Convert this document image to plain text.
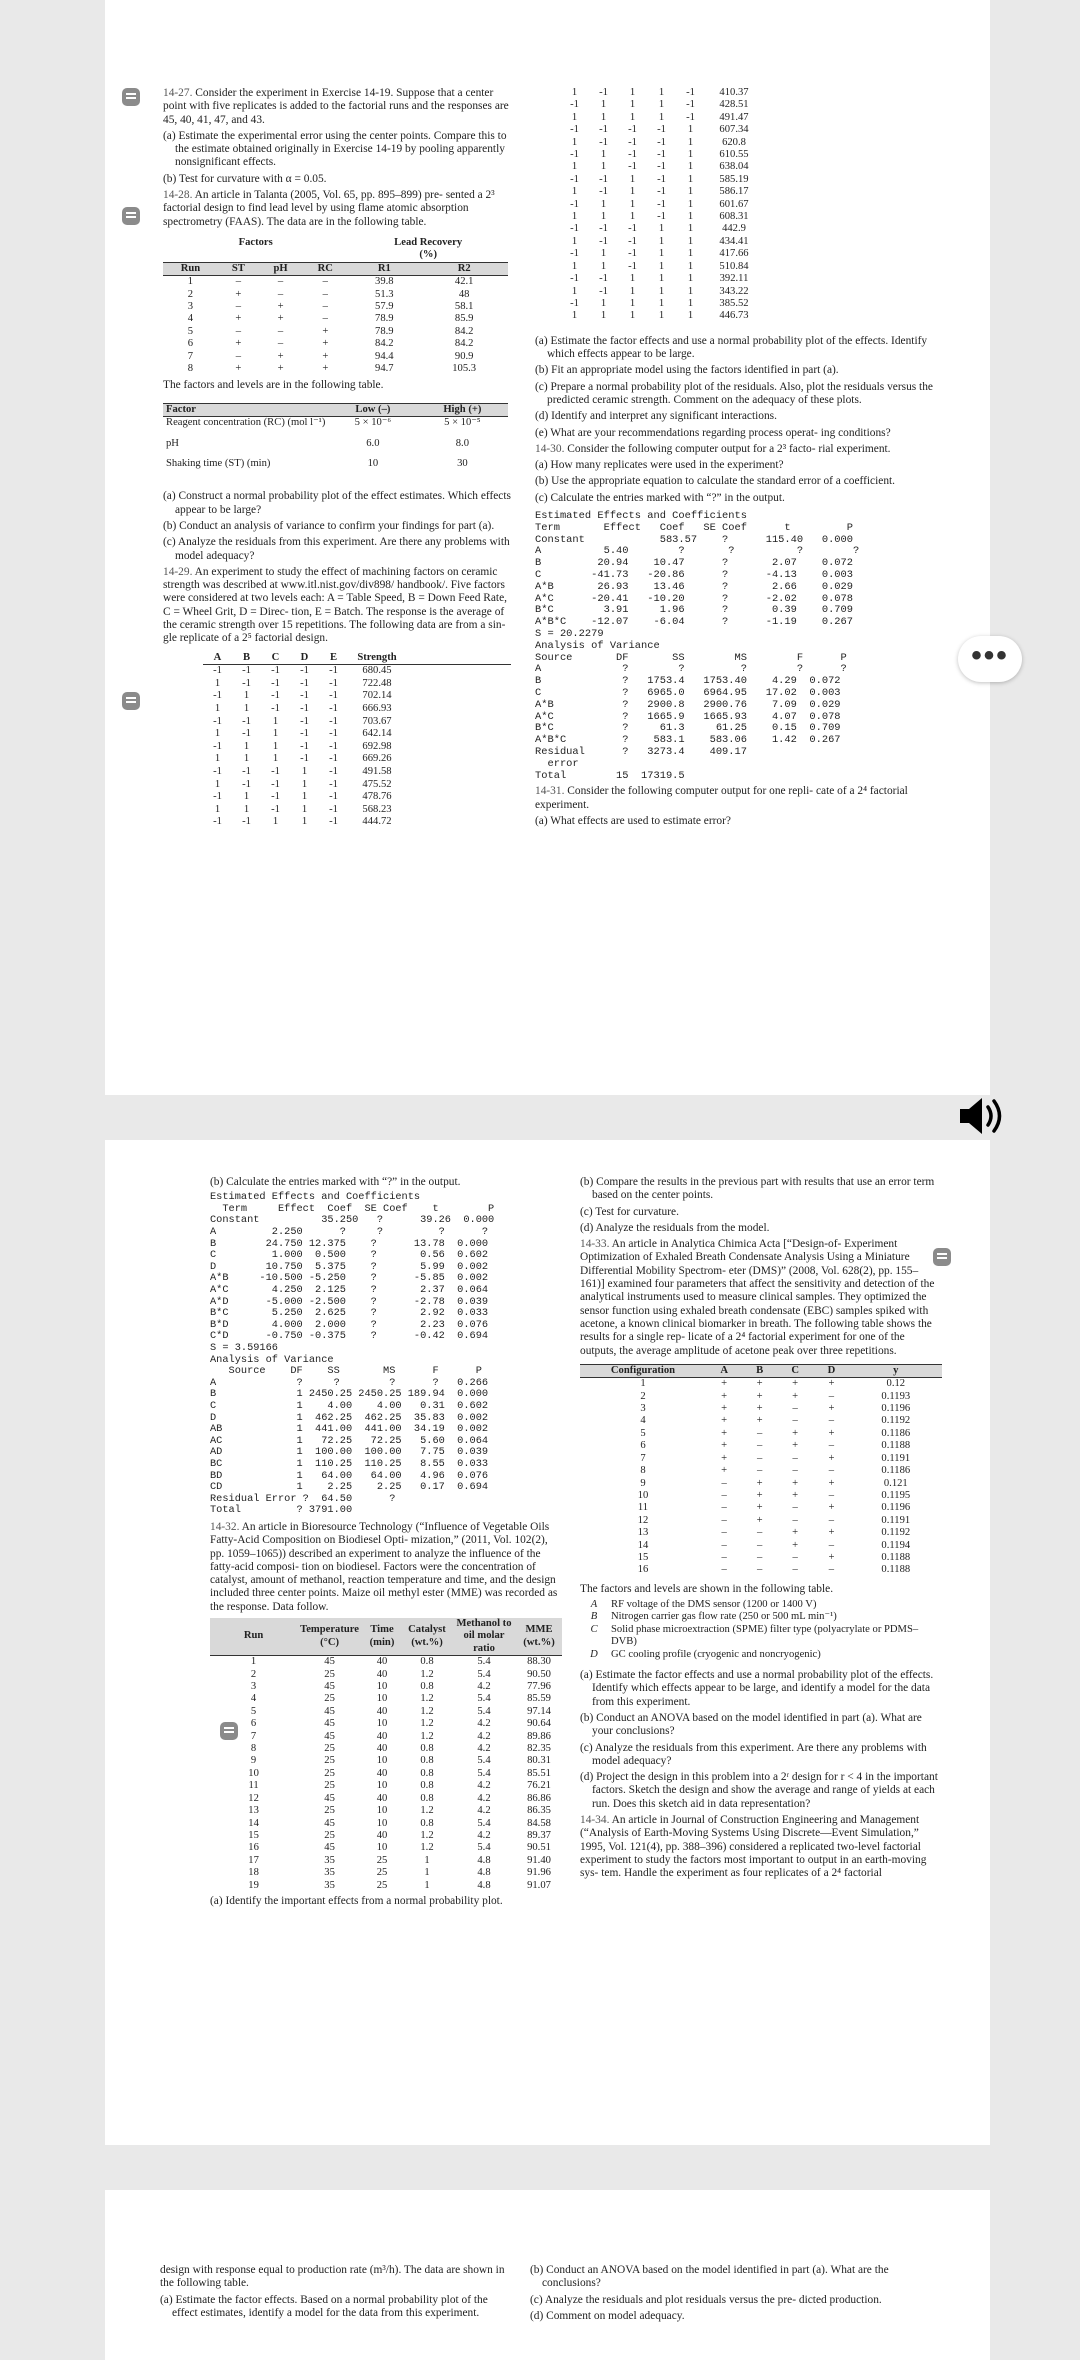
14-27. Consider the experiment in Exercise 14-19. Suppose that a center point with five replicates is added to the factorial runs and the responses are 45, 40, 41, 47, and 43.

(a) Estimate the experimental error using the center points. Compare this to the estimate obtained originally in Exercise 14-19 by pooling apparently nonsignificant effects.

(b) Test for curvature with α = 0.05.

14-28. An article in Talanta (2005, Vol. 65, pp. 895–899) pre- sented a 2³ factorial design to find lead level by using flame atomic absorption spectrometry (FAAS). The data are in the following table.

Factors				Lead Recovery	
				(%)	
Run	ST	pH	RC	R1	R2
1	–	–	–	39.8	42.1
2	+	–	–	51.3	48
3	–	+	–	57.9	58.1
4	+	+	–	78.9	85.9
5	–	–	+	78.9	84.2
6	+	–	+	84.2	84.2
7	–	+	+	94.4	90.9
8	+	+	+	94.7	105.3

The factors and levels are in the following table.

Factor	Low (–)	High (+)
Reagent concentration (RC) (mol l⁻¹)	5 × 10⁻⁶	5 × 10⁻⁵

pH	6.0	8.0

Shaking time (ST) (min)	10	30

(a) Construct a normal probability plot of the effect estimates. Which effects appear to be large?

(b) Conduct an analysis of variance to confirm your findings for part (a).

(c) Analyze the residuals from this experiment. Are there any problems with model adequacy?

14-29. An experiment to study the effect of machining factors on ceramic strength was described at www.itl.nist.gov/div898/ handbook/. Five factors were considered at two levels each: A = Table Speed, B = Down Feed Rate, C = Wheel Grit, D = Direc- tion, E = Batch. The response is the average of the ceramic strength over 15 repetitions. The following data are from a sin- gle replicate of a 2⁵ factorial design.

A	B	C	D	E	Strength
-1	-1	-1	-1	-1	680.45
1	-1	-1	-1	-1	722.48
-1	1	-1	-1	-1	702.14
1	1	-1	-1	-1	666.93
-1	-1	1	-1	-1	703.67
1	-1	1	-1	-1	642.14
-1	1	1	-1	-1	692.98
1	1	1	-1	-1	669.26
-1	-1	-1	1	-1	491.58
1	-1	-1	1	-1	475.52
-1	1	-1	1	-1	478.76
1	1	-1	1	-1	568.23
-1	-1	1	1	-1	444.72
1	-1	1	1	-1	410.37
-1	1	1	1	-1	428.51
1	1	1	1	-1	491.47
-1	-1	-1	-1	1	607.34
1	-1	-1	-1	1	620.8
-1	1	-1	-1	1	610.55
1	1	-1	-1	1	638.04
-1	-1	1	-1	1	585.19
1	-1	1	-1	1	586.17
-1	1	1	-1	1	601.67
1	1	1	-1	1	608.31
-1	-1	-1	1	1	442.9
1	-1	-1	1	1	434.41
-1	1	-1	1	1	417.66
1	1	-1	1	1	510.84
-1	-1	1	1	1	392.11
1	-1	1	1	1	343.22
-1	1	1	1	1	385.52
1	1	1	1	1	446.73

(a) Estimate the factor effects and use a normal probability plot of the effects. Identify which effects appear to be large.

(b) Fit an appropriate model using the factors identified in part (a).

(c) Prepare a normal probability plot of the residuals. Also, plot the residuals versus the predicted ceramic strength. Comment on the adequacy of these plots.

(d) Identify and interpret any significant interactions.

(e) What are your recommendations regarding process operat- ing conditions?

14-30. Consider the following computer output for a 2³ facto- rial experiment.

(a) How many replicates were used in the experiment?

(b) Use the appropriate equation to calculate the standard error of a coefficient.

(c) Calculate the entries marked with “?” in the output.

Estimated Effects and Coefficients
Term       Effect   Coef   SE Coef      t         P
Constant            583.57    ?      115.40   0.000
A          5.40        ?       ?          ?        ?
B         20.94    10.47      ?       2.07    0.072
C        -41.73   -20.86      ?      -4.13    0.003
A*B       26.93    13.46      ?       2.66    0.029
A*C      -20.41   -10.20      ?      -2.02    0.078
B*C        3.91     1.96      ?       0.39    0.709
A*B*C    -12.07    -6.04      ?      -1.19    0.267
S = 20.2279
Analysis of Variance
Source       DF       SS        MS        F      P
A             ?        ?         ?        ?      ?
B             ?   1753.4   1753.40    4.29  0.072
C             ?   6965.0   6964.95   17.02  0.003
A*B           ?   2900.8   2900.76    7.09  0.029
A*C           ?   1665.9   1665.93    4.07  0.078
B*C           ?     61.3     61.25    0.15  0.709
A*B*C         ?    583.1    583.06    1.42  0.267
Residual      ?   3273.4    409.17
error
Total        15  17319.5

14-31. Consider the following computer output for one repli- cate of a 2⁴ factorial experiment.

(a) What effects are used to estimate error?

•••

(b) Calculate the entries marked with “?” in the output.

Estimated Effects and Coefficients
Term     Effect  Coef  SE Coef    t        P
Constant          35.250   ?      39.26  0.000
A         2.250      ?     ?         ?      ?
B        24.750 12.375    ?      13.78  0.000
C         1.000  0.500    ?       0.56  0.602
D        10.750  5.375    ?       5.99  0.002
A*B     -10.500 -5.250    ?      -5.85  0.002
A*C       4.250  2.125    ?       2.37  0.064
A*D      -5.000 -2.500    ?      -2.78  0.039
B*C       5.250  2.625    ?       2.92  0.033
B*D       4.000  2.000    ?       2.23  0.076
C*D      -0.750 -0.375    ?      -0.42  0.694
S = 3.59166
Analysis of Variance
Source    DF    SS       MS      F      P
A             ?     ?        ?      ?   0.266
B             1 2450.25 2450.25 189.94  0.000
C             1    4.00    4.00   0.31  0.602
D             1  462.25  462.25  35.83  0.002
AB            1  441.00  441.00  34.19  0.002
AC            1   72.25   72.25   5.60  0.064
AD            1  100.00  100.00   7.75  0.039
BC            1  110.25  110.25   8.55  0.033
BD            1   64.00   64.00   4.96  0.076
CD            1    2.25    2.25   0.17  0.694
Residual Error ?  64.50      ?
Total         ? 3791.00

14-32. An article in Bioresource Technology (“Influence of Vegetable Oils Fatty-Acid Composition on Biodiesel Opti- mization,” (2011, Vol. 102(2), pp. 1059–1065)) described an experiment to analyze the influence of the fatty-acid composi- tion on biodiesel. Factors were the concentration of catalyst, amount of methanol, reaction temperature and time, and the design included three center points. Maize oil methyl ester (MME) was recorded as the response. Data follow.

Run	Temperature (°C)	Time (min)	Catalyst (wt.%)	Methanol to oil molar ratio	MME (wt.%)
1	45	40	0.8	5.4	88.30
2	25	40	1.2	5.4	90.50
3	45	10	0.8	4.2	77.96
4	25	10	1.2	5.4	85.59
5	45	40	1.2	5.4	97.14
6	45	10	1.2	4.2	90.64
7	45	40	1.2	4.2	89.86
8	25	40	0.8	4.2	82.35
9	25	10	0.8	5.4	80.31
10	25	40	0.8	5.4	85.51
11	25	10	0.8	4.2	76.21
12	45	40	0.8	4.2	86.86
13	25	10	1.2	4.2	86.35
14	45	10	0.8	5.4	84.58
15	25	40	1.2	4.2	89.37
16	45	10	1.2	5.4	90.51
17	35	25	1	4.8	91.40
18	35	25	1	4.8	91.96
19	35	25	1	4.8	91.07

(a) Identify the important effects from a normal probability plot.

(b) Compare the results in the previous part with results that use an error term based on the center points.

(c) Test for curvature.

(d) Analyze the residuals from the model.

14-33. An article in Analytica Chimica Acta [“Design-of- Experiment Optimization of Exhaled Breath Condensate Analysis Using a Miniature Differential Mobility Spectrom- eter (DMS)” (2008, Vol. 628(2), pp. 155–161)] examined four parameters that affect the sensitivity and detection of the analytical instruments used to measure clinical samples. They optimized the sensor function using exhaled breath condensate (EBC) samples spiked with acetone, a known clinical biomarker in breath. The following table shows the results for a single rep- licate of a 2⁴ factorial experiment for one of the outputs, the average amplitude of acetone peak over three repetitions.

Configuration	A	B	C	D	y
1	+	+	+	+	0.12
2	+	+	+	–	0.1193
3	+	+	–	+	0.1196
4	+	+	–	–	0.1192
5	+	–	+	+	0.1186
6	+	–	+	–	0.1188
7	+	–	–	+	0.1191
8	+	–	–	–	0.1186
9	–	+	+	+	0.121
10	–	+	+	–	0.1195
11	–	+	–	+	0.1196
12	–	+	–	–	0.1191
13	–	–	+	+	0.1192
14	–	–	+	–	0.1194
15	–	–	–	+	0.1188
16	–	–	–	–	0.1188

The factors and levels are shown in the following table.

A	RF voltage of the DMS sensor (1200 or 1400 V)
B	Nitrogen carrier gas flow rate (250 or 500 mL min⁻¹)
C	Solid phase microextraction (SPME) filter type (polyacrylate or PDMS–DVB)
D	GC cooling profile (cryogenic and noncryogenic)

(a) Estimate the factor effects and use a normal probability plot of the effects. Identify which effects appear to be large, and identify a model for the data from this experiment.

(b) Conduct an ANOVA based on the model identified in part (a). What are your conclusions?

(c) Analyze the residuals from this experiment. Are there any problems with model adequacy?

(d) Project the design in this problem into a 2ʳ design for r < 4 in the important factors. Sketch the design and show the average and range of yields at each run. Does this sketch aid in data representation?

14-34. An article in Journal of Construction Engineering and Management (“Analysis of Earth-Moving Systems Using Discrete—Event Simulation,” 1995, Vol. 121(4), pp. 388–396) considered a replicated two-level factorial experiment to study the factors most important to output in an earth-moving sys- tem. Handle the experiment as four replicates of a 2⁴ factorial

design with response equal to production rate (m³/h). The data are shown in the following table.

(a) Estimate the factor effects. Based on a normal probability plot of the effect estimates, identify a model for the data from this experiment.

(b) Conduct an ANOVA based on the model identified in part (a). What are the conclusions?

(c) Analyze the residuals and plot residuals versus the pre- dicted production.

(d) Comment on model adequacy.
